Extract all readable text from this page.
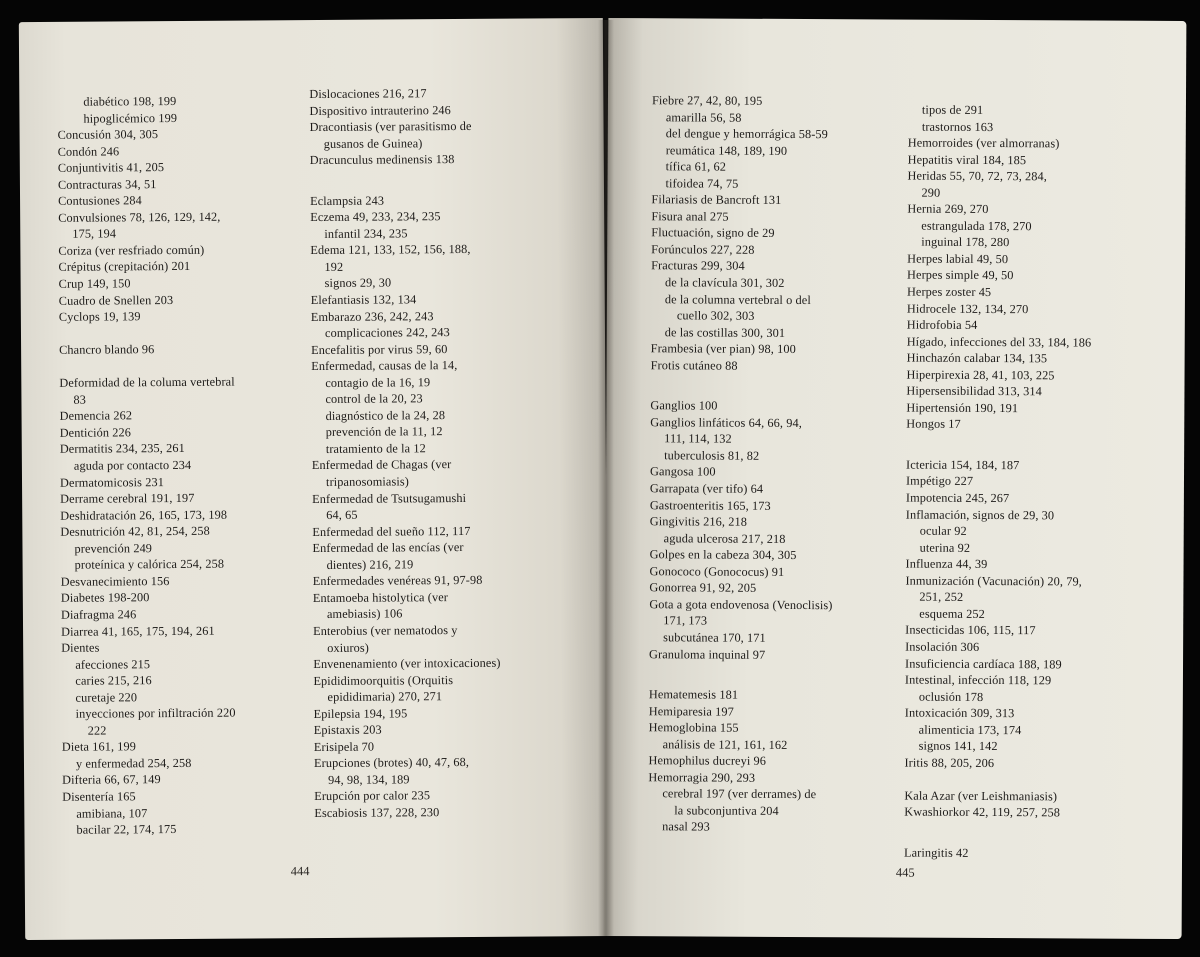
diabético 198, 199
hipoglicémico 199
Concusión 304, 305
Condón 246
Conjuntivitis 41, 205
Contracturas 34, 51
Contusiones 284
Convulsiones 78, 126, 129, 142,
175, 194
Coriza (ver resfriado común)
Crépitus (crepitación) 201
Crup 149, 150
Cuadro de Snellen 203
Cyclops 19, 139
Chancro blando 96
Deformidad de la columa vertebral
83
Demencia 262
Dentición 226
Dermatitis 234, 235, 261
aguda por contacto 234
Dermatomicosis 231
Derrame cerebral 191, 197
Deshidratación 26, 165, 173, 198
Desnutrición 42, 81, 254, 258
prevención 249
proteínica y calórica 254, 258
Desvanecimiento 156
Diabetes 198-200
Diafragma 246
Diarrea 41, 165, 175, 194, 261
Dientes
afecciones 215
caries 215, 216
curetaje 220
inyecciones por infiltración 220
222
Dieta 161, 199
y enfermedad 254, 258
Difteria 66, 67, 149
Disentería 165
amibiana, 107
bacilar 22, 174, 175
Dislocaciones 216, 217
Dispositivo intrauterino 246
Dracontiasis (ver parasitismo de
gusanos de Guinea)
Dracunculus medinensis 138
Eclampsia 243
Eczema 49, 233, 234, 235
infantil 234, 235
Edema 121, 133, 152, 156, 188,
192
signos 29, 30
Elefantiasis 132, 134
Embarazo 236, 242, 243
complicaciones 242, 243
Encefalitis por virus 59, 60
Enfermedad, causas de la 14,
contagio de la 16, 19
control de la 20, 23
diagnóstico de la 24, 28
prevención de la 11, 12
tratamiento de la 12
Enfermedad de Chagas (ver
tripanosomiasis)
Enfermedad de Tsutsugamushi
64, 65
Enfermedad del sueño 112, 117
Enfermedad de las encías (ver
dientes) 216, 219
Enfermedades venéreas 91, 97-98
Entamoeba histolytica (ver
amebiasis) 106
Enterobius (ver nematodos y
oxiuros)
Envenenamiento (ver intoxicaciones)
Epididimoorquitis (Orquitis
epididimaria) 270, 271
Epilepsia 194, 195
Epistaxis 203
Erisipela 70
Erupciones (brotes) 40, 47, 68,
94, 98, 134, 189
Erupción por calor 235
Escabiosis 137, 228, 230
444
Fiebre 27, 42, 80, 195
amarilla 56, 58
del dengue y hemorrágica 58-59
reumática 148, 189, 190
tífica 61, 62
tifoidea 74, 75
Filariasis de Bancroft 131
Fisura anal 275
Fluctuación, signo de 29
Forúnculos 227, 228
Fracturas 299, 304
de la clavícula 301, 302
de la columna vertebral o del
cuello 302, 303
de las costillas 300, 301
Frambesia (ver pian) 98, 100
Frotis cutáneo 88
Ganglios 100
Ganglios linfáticos 64, 66, 94,
111, 114, 132
tuberculosis 81, 82
Gangosa 100
Garrapata (ver tifo) 64
Gastroenteritis 165, 173
Gingivitis 216, 218
aguda ulcerosa 217, 218
Golpes en la cabeza 304, 305
Gonococo (Gonococus) 91
Gonorrea 91, 92, 205
Gota a gota endovenosa (Venoclisis)
171, 173
subcutánea 170, 171
Granuloma inquinal 97
Hematemesis 181
Hemiparesia 197
Hemoglobina 155
análisis de 121, 161, 162
Hemophilus ducreyi 96
Hemorragia 290, 293
cerebral 197 (ver derrames) de
la subconjuntiva 204
nasal 293
tipos de 291
trastornos 163
Hemorroides (ver almorranas)
Hepatitis viral 184, 185
Heridas 55, 70, 72, 73, 284,
290
Hernia 269, 270
estrangulada 178, 270
inguinal 178, 280
Herpes labial 49, 50
Herpes simple 49, 50
Herpes zoster 45
Hidrocele 132, 134, 270
Hidrofobia 54
Hígado, infecciones del 33, 184, 186
Hinchazón calabar 134, 135
Hiperpirexia 28, 41, 103, 225
Hipersensibilidad 313, 314
Hipertensión 190, 191
Hongos 17
Ictericia 154, 184, 187
Impétigo 227
Impotencia 245, 267
Inflamación, signos de 29, 30
ocular 92
uterina 92
Influenza 44, 39
Inmunización (Vacunación) 20, 79,
251, 252
esquema 252
Insecticidas 106, 115, 117
Insolación 306
Insuficiencia cardíaca 188, 189
Intestinal, infección 118, 129
oclusión 178
Intoxicación 309, 313
alimenticia 173, 174
signos 141, 142
Iritis 88, 205, 206
Kala Azar (ver Leishmaniasis)
Kwashiorkor 42, 119, 257, 258
Laringitis 42
445
